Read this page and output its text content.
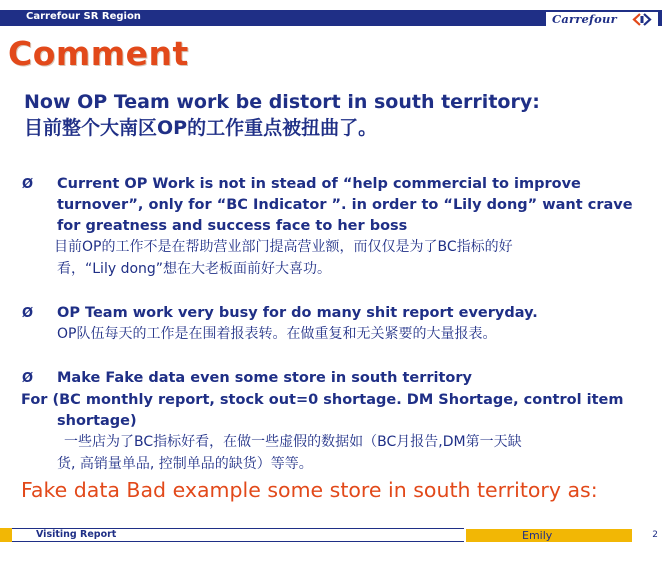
Carrefour SR Region	Carrefour
Comment
Now OP Team work be distort in south territory:
目前整个大南区OP的工作重点被扭曲了。
Ø Current OP Work is not in stead of “help commercial to improve
turnover”, only for “BC Indicator ”. in order to “Lily dong” want crave
for greatness and success face to her boss
目前OP的工作不是在帮助营业部门提高营业额，而仅仅是为了BC指标的好
看，“Lily dong”想在大老板面前好大喜功。
Ø OP Team work very busy for do many shit report everyday.
OP队伍每天的工作是在围着报表转。在做重复和无关紧要的大量报表。
Ø Make Fake data even some store in south territory
For (BC monthly report, stock out=0 shortage. DM Shortage, control item
shortage)
一些店为了BC指标好看，在做一些虚假的数据如（BC月报告,DM第一天缺
货, 高销量单品, 控制单品的缺货）等等。
Fake data Bad example some store in south territory as:
Visiting Report	Emily	2
